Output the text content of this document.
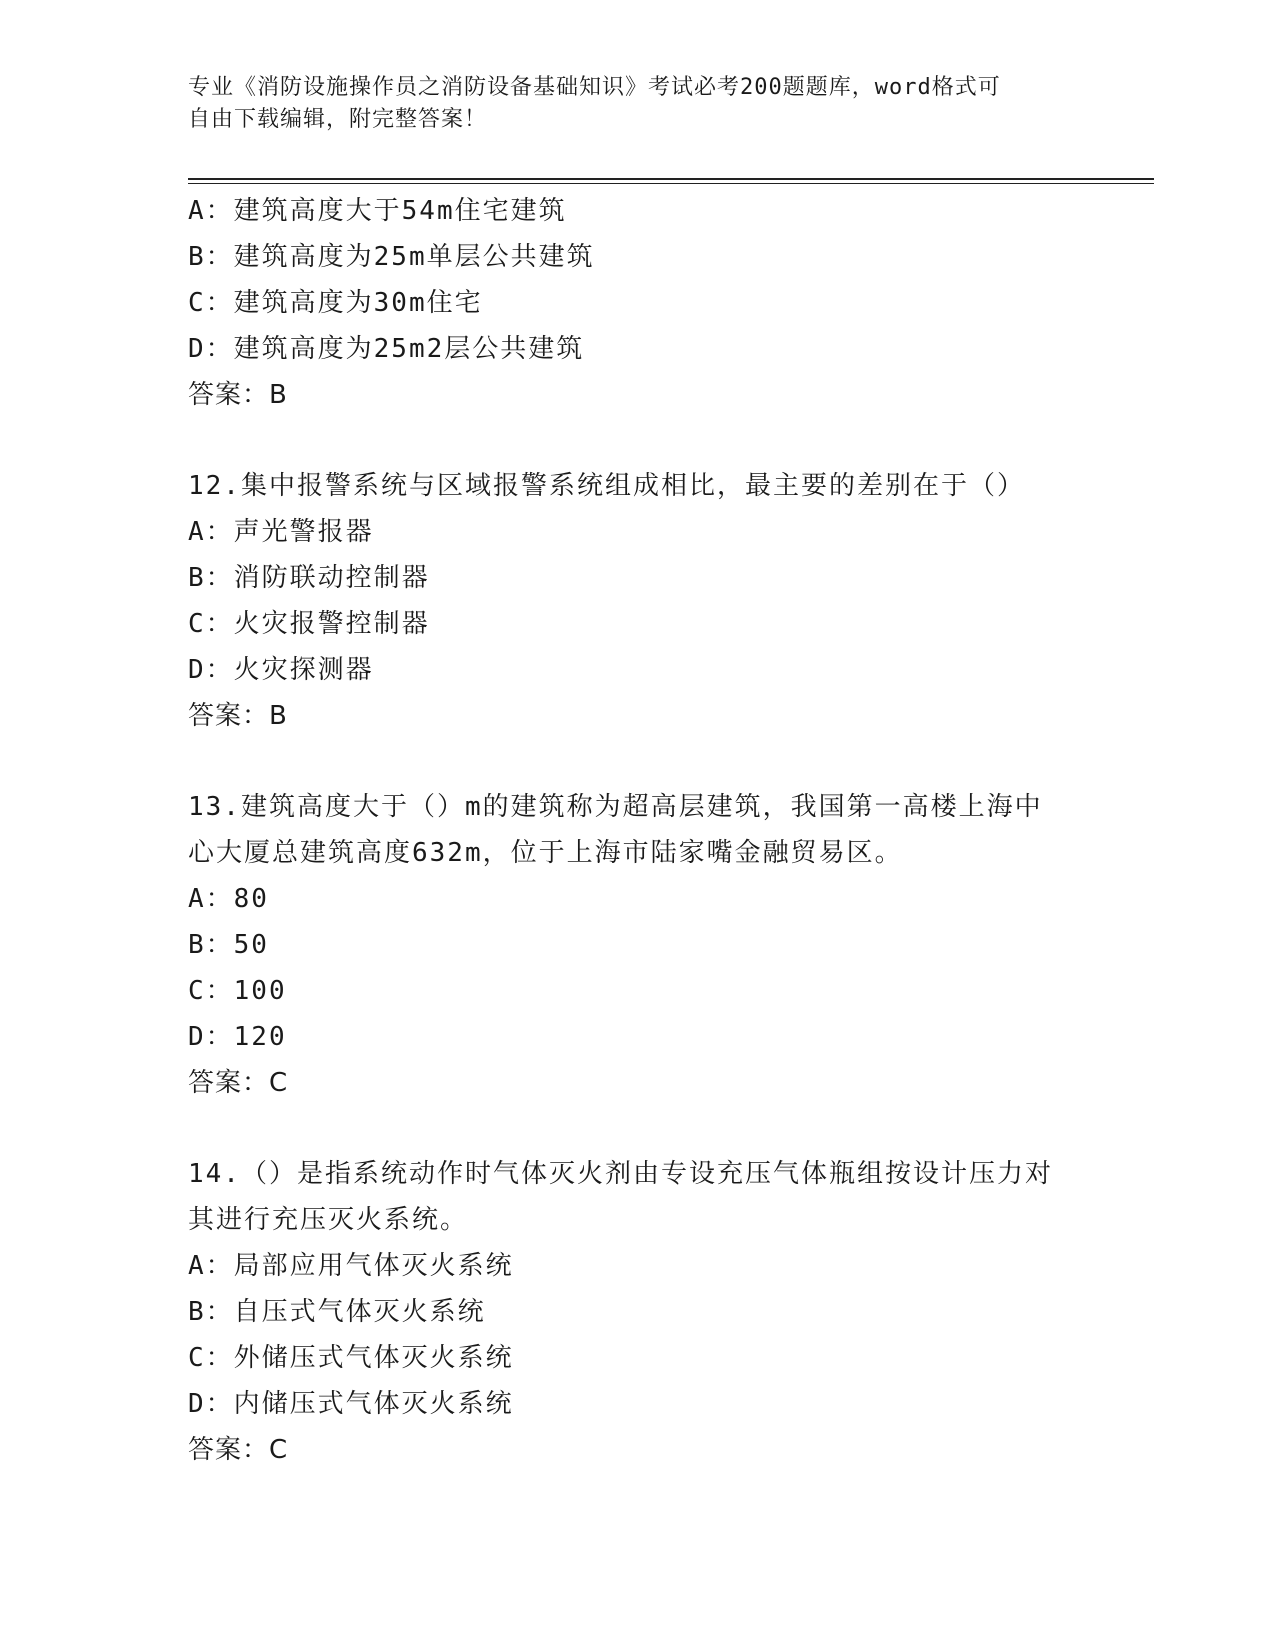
专业《消防设施操作员之消防设备基础知识》考试必考200题题库，word格式可
自由下载编辑，附完整答案！
A：建筑高度大于54m住宅建筑
B：建筑高度为25m单层公共建筑
C：建筑高度为30m住宅
D：建筑高度为25m2层公共建筑
答案：B
12.集中报警系统与区域报警系统组成相比，最主要的差别在于（）
A：声光警报器
B：消防联动控制器
C：火灾报警控制器
D：火灾探测器
答案：B
13.建筑高度大于（）m的建筑称为超高层建筑，我国第一高楼上海中
心大厦总建筑高度632m，位于上海市陆家嘴金融贸易区。
A：80
B：50
C：100
D：120
答案：C
14.（）是指系统动作时气体灭火剂由专设充压气体瓶组按设计压力对
其进行充压灭火系统。
A：局部应用气体灭火系统
B：自压式气体灭火系统
C：外储压式气体灭火系统
D：内储压式气体灭火系统
答案：C
